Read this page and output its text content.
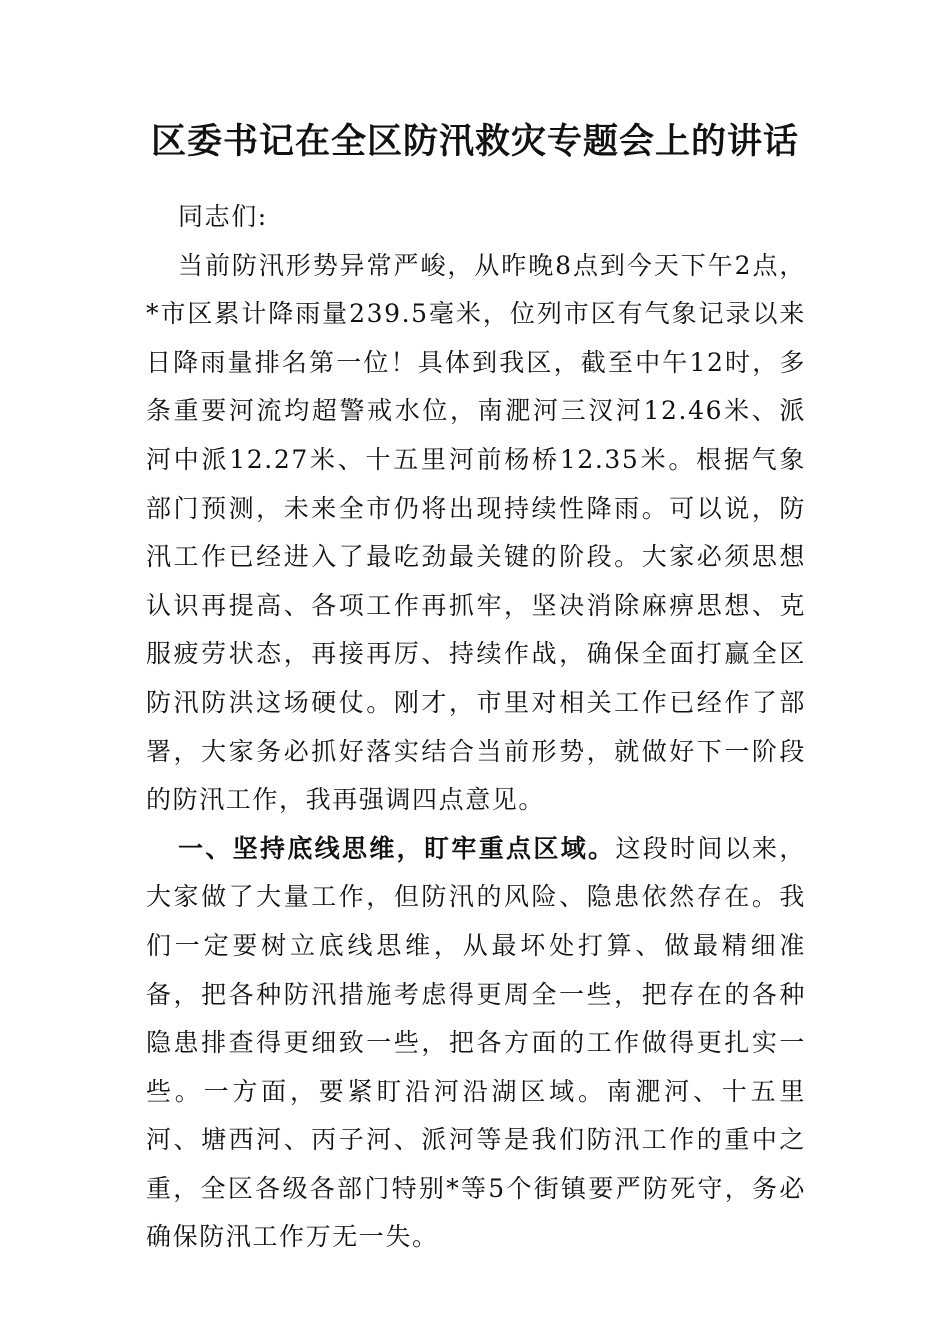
区委书记在全区防汛救灾专题会上的讲话

同志们:

当前防汛形势异常严峻，从昨晚8点到今天下午2点，*市区累计降雨量239.5毫米，位列市区有气象记录以来日降雨量排名第一位！具体到我区，截至中午12时，多条重要河流均超警戒水位，南淝河三汊河12.46米、派河中派12.27米、十五里河前杨桥12.35米。根据气象部门预测，未来全市仍将出现持续性降雨。可以说，防汛工作已经进入了最吃劲最关键的阶段。大家必须思想认识再提高、各项工作再抓牢，坚决消除麻痹思想、克服疲劳状态，再接再厉、持续作战，确保全面打赢全区防汛防洪这场硬仗。刚才，市里对相关工作已经作了部署，大家务必抓好落实结合当前形势，就做好下一阶段的防汛工作，我再强调四点意见。

一、坚持底线思维，盯牢重点区域。这段时间以来，大家做了大量工作，但防汛的风险、隐患依然存在。我们一定要树立底线思维，从最坏处打算、做最精细准备，把各种防汛措施考虑得更周全一些，把存在的各种隐患排查得更细致一些，把各方面的工作做得更扎实一些。一方面，要紧盯沿河沿湖区域。南淝河、十五里河、塘西河、丙子河、派河等是我们防汛工作的重中之重，全区各级各部门特别*等5个街镇要严防死守，务必确保防汛工作万无一失。
